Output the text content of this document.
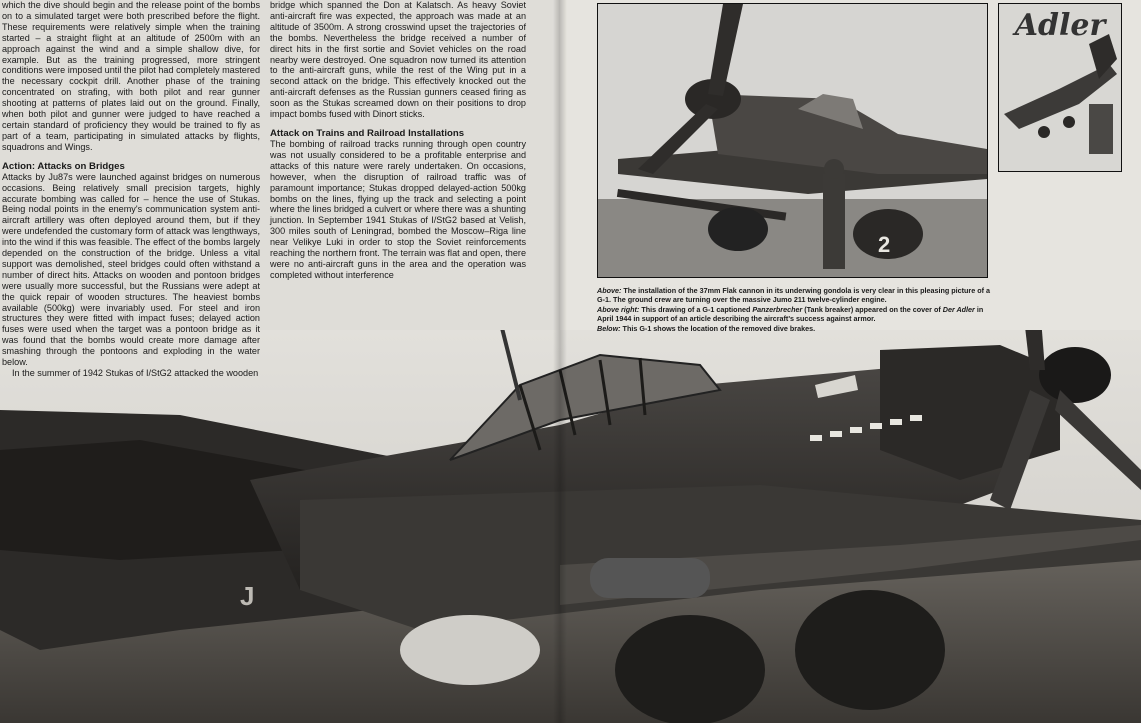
J

which the dive should begin and the release point of the bombs on to a simulated target were both prescribed before the flight. These requirements were relatively simple when the training started – a straight flight at an altitude of 2500m with an approach against the wind and a simple shallow dive, for example. But as the training progressed, more stringent conditions were imposed until the pilot had completely mastered the necessary cockpit drill. Another phase of the training concentrated on strafing, with both pilot and rear gunner shooting at patterns of plates laid out on the ground. Finally, when both pilot and gunner were judged to have reached a certain standard of proficiency they would be trained to fly as part of a team, participating in simulated attacks by flights, squadrons and Wings.

Action: Attacks on Bridges

Attacks by Ju87s were launched against bridges on numerous occasions. Being relatively small precision targets, highly accurate bombing was called for – hence the use of Stukas. Being nodal points in the enemy's communication system anti-aircraft artillery was often deployed around them, but if they were undefended the customary form of attack was lengthways, into the wind if this was feasible. The effect of the bombs largely depended on the construction of the bridge. Unless a vital support was demolished, steel bridges could often withstand a number of direct hits. Attacks on wooden and pontoon bridges were usually more successful, but the Russians were adept at the quick repair of wooden structures. The heaviest bombs available (500kg) were invariably used. For steel and iron structures they were fitted with impact fuses; delayed action fuses were used when the target was a pontoon bridge as it was found that the bombs would create more damage after smashing through the pontoons and exploding in the water below.

In the summer of 1942 Stukas of I/StG2 attacked the wooden

bridge which spanned the Don at Kalatsch. As heavy Soviet anti-aircraft fire was expected, the approach was made at an altitude of 3500m. A strong crosswind upset the trajectories of the bombs. Nevertheless the bridge received a number of direct hits in the first sortie and Soviet vehicles on the road nearby were destroyed. One squadron now turned its attention to the anti-aircraft guns, while the rest of the Wing put in a second attack on the bridge. This effectively knocked out the anti-aircraft defenses as the Russian gunners ceased firing as soon as the Stukas screamed down on their positions to drop impact bombs fused with Dinort sticks.

Attack on Trains and Railroad Installations

The bombing of railroad tracks running through open country was not usually considered to be a profitable enterprise and attacks of this nature were rarely undertaken. On occasions, however, when the disruption of railroad traffic was of paramount importance; Stukas dropped delayed-action 500kg bombs on the lines, flying up the track and selecting a point where the lines bridged a culvert or where there was a shunting junction. In September 1941 Stukas of I/StG2 based at Velish, 300 miles south of Leningrad, bombed the Moscow–Riga line near Velikye Luki in order to stop the Soviet reinforcements reaching the northern front. The terrain was flat and open, there were no anti-aircraft guns in the area and the operation was completed without interference

2
Adler

Above: The installation of the 37mm Flak cannon in its underwing gondola is very clear in this pleasing picture of a G-1. The ground crew are turning over the massive Jumo 211 twelve-cylinder engine.

Above right: This drawing of a G-1 captioned Panzerbrecher (Tank breaker) appeared on the cover of Der Adler in April 1944 in support of an article describing the aircraft's success against armor.

Below: This G-1 shows the location of the removed dive brakes.
